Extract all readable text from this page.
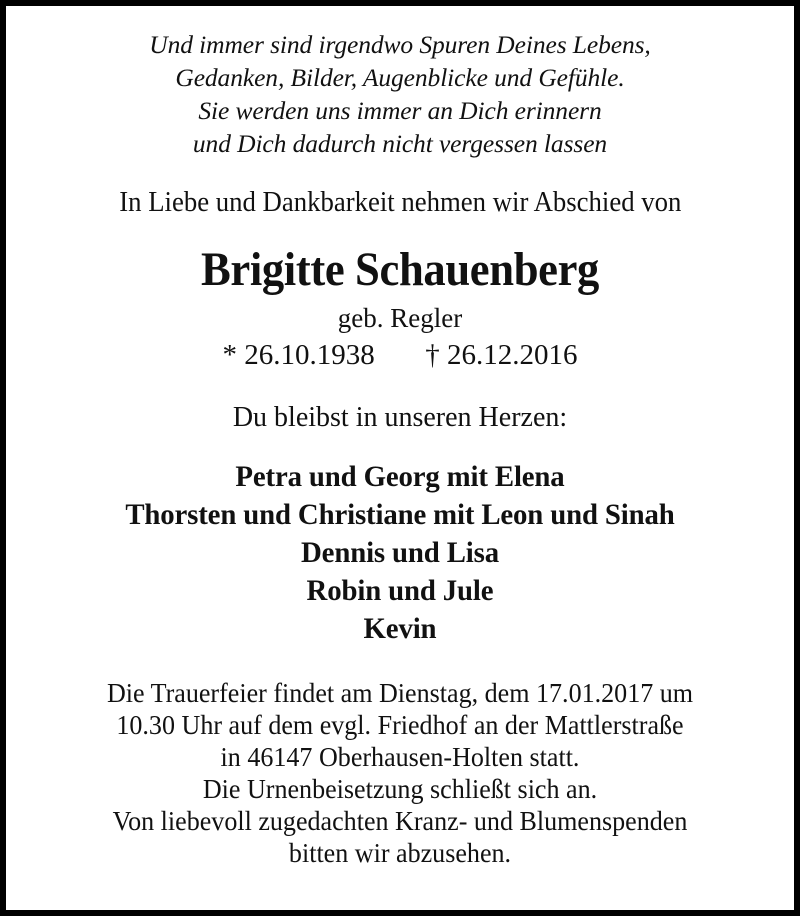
Und immer sind irgendwo Spuren Deines Lebens,
Gedanken, Bilder, Augenblicke und Gefühle.
Sie werden uns immer an Dich erinnern
und Dich dadurch nicht vergessen lassen
In Liebe und Dankbarkeit nehmen wir Abschied von
Brigitte Schauenberg
geb. Regler
* 26.10.1938 † 26.12.2016
Du bleibst in unseren Herzen:
Petra und Georg mit Elena
Thorsten und Christiane mit Leon und Sinah
Dennis und Lisa
Robin und Jule
Kevin
Die Trauerfeier findet am Dienstag, dem 17.01.2017 um
10.30 Uhr auf dem evgl. Friedhof an der Mattlerstraße
in 46147 Oberhausen-Holten statt.
Die Urnenbeisetzung schließt sich an.
Von liebevoll zugedachten Kranz- und Blumenspenden
bitten wir abzusehen.
